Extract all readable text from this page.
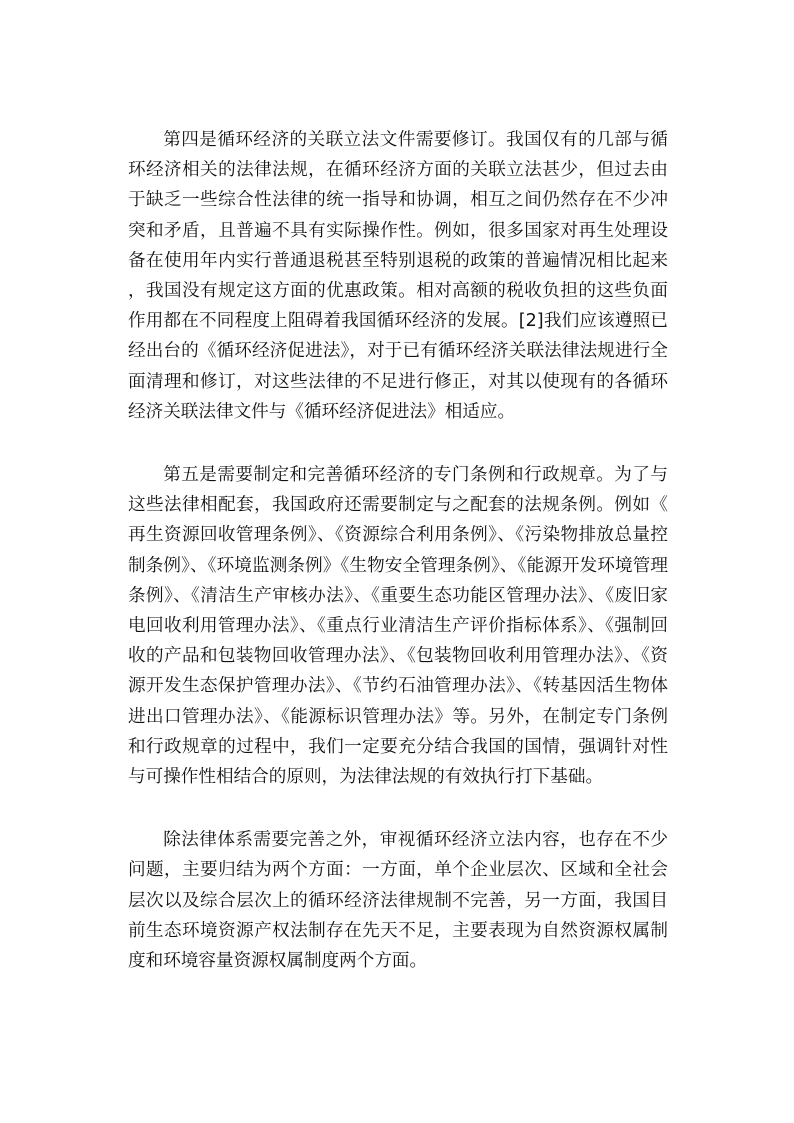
第四是循环经济的关联立法文件需要修订。我国仅有的几部与循环经济相关的法律法规，在循环经济方面的关联立法甚少，但过去由于缺乏一些综合性法律的统一指导和协调，相互之间仍然存在不少冲突和矛盾，且普遍不具有实际操作性。例如，很多国家对再生处理设备在使用年内实行普通退税甚至特别退税的政策的普遍情况相比起来，我国没有规定这方面的优惠政策。相对高额的税收负担的这些负面作用都在不同程度上阻碍着我国循环经济的发展。[2]我们应该遵照已经出台的《循环经济促进法》，对于已有循环经济关联法律法规进行全面清理和修订，对这些法律的不足进行修正，对其以使现有的各循环经济关联法律文件与《循环经济促进法》相适应。

第五是需要制定和完善循环经济的专门条例和行政规章。为了与这些法律相配套，我国政府还需要制定与之配套的法规条例。例如《再生资源回收管理条例》、《资源综合利用条例》、《污染物排放总量控制条例》、《环境监测条例》《生物安全管理条例》、《能源开发环境管理条例》、《清洁生产审核办法》、《重要生态功能区管理办法》、《废旧家电回收利用管理办法》、《重点行业清洁生产评价指标体系》、《强制回收的产品和包装物回收管理办法》、《包装物回收利用管理办法》、《资源开发生态保护管理办法》、《节约石油管理办法》、《转基因活生物体进出口管理办法》、《能源标识管理办法》等。另外，在制定专门条例和行政规章的过程中，我们一定要充分结合我国的国情，强调针对性与可操作性相结合的原则，为法律法规的有效执行打下基础。

除法律体系需要完善之外，审视循环经济立法内容，也存在不少问题，主要归结为两个方面：一方面，单个企业层次、区域和全社会层次以及综合层次上的循环经济法律规制不完善，另一方面，我国目前生态环境资源产权法制存在先天不足，主要表现为自然资源权属制度和环境容量资源权属制度两个方面。
